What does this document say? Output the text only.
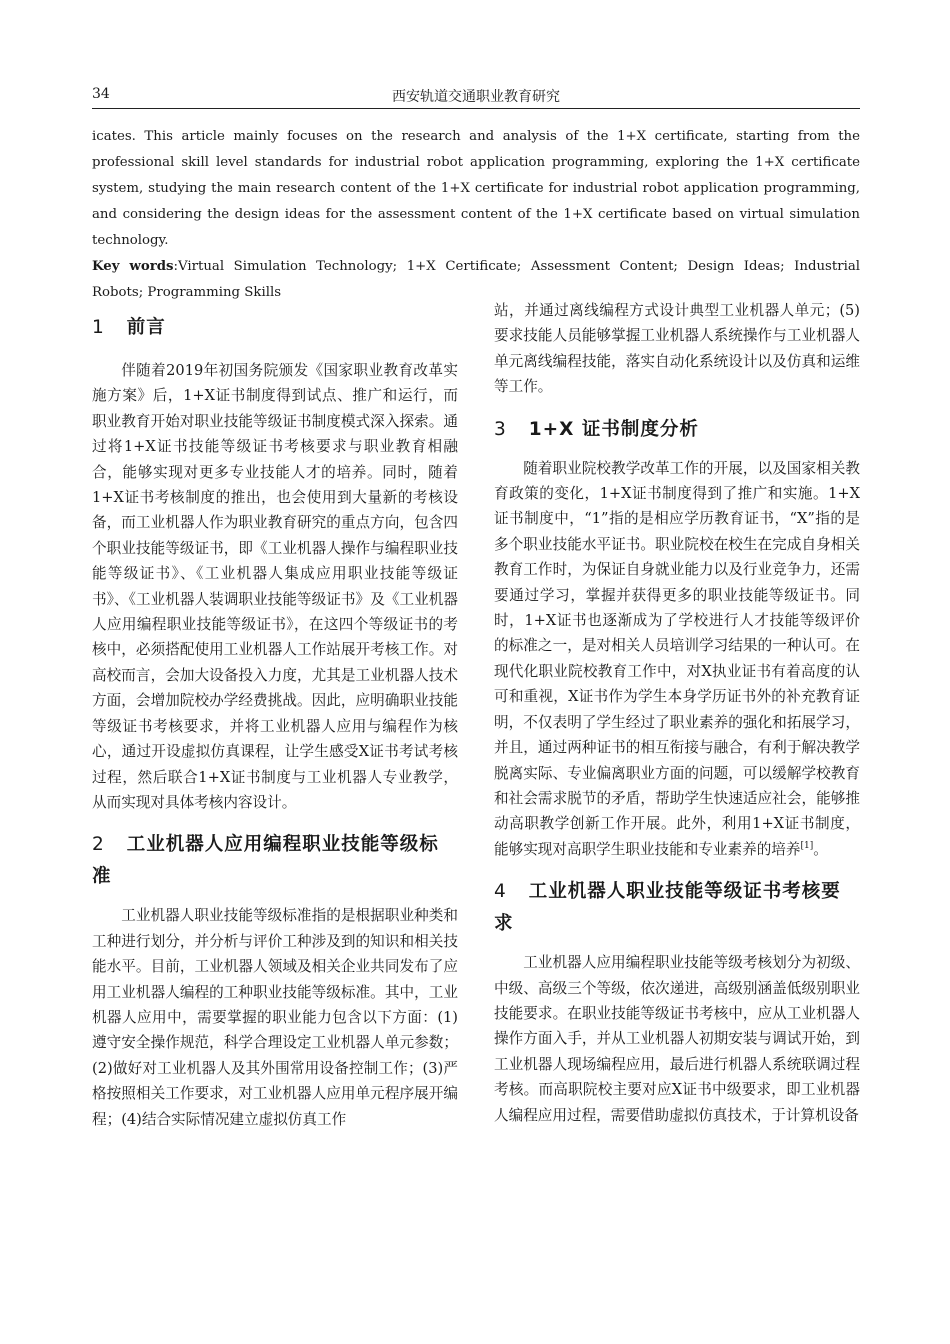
34	西安轨道交通职业教育研究

icates. This article mainly focuses on the research and analysis of the 1+X certificate, starting from the professional skill level standards for industrial robot application programming, exploring the 1+X certificate system, studying the main research content of the 1+X certificate for industrial robot application programming, and considering the design ideas for the assessment content of the 1+X certificate based on virtual simulation technology.

Key words:Virtual Simulation Technology; 1+X Certificate; Assessment Content; Design Ideas; Industrial Robots; Programming Skills

1 前言

伴随着2019年初国务院颁发《国家职业教育改革实施方案》后，1+X证书制度得到试点、推广和运行，而职业教育开始对职业技能等级证书制度模式深入探索。通过将1+X证书技能等级证书考核要求与职业教育相融合，能够实现对更多专业技能人才的培养。同时，随着1+X证书考核制度的推出，也会使用到大量新的考核设备，而工业机器人作为职业教育研究的重点方向，包含四个职业技能等级证书，即《工业机器人操作与编程职业技能等级证书》、《工业机器人集成应用职业技能等级证书》、《工业机器人装调职业技能等级证书》及《工业机器人应用编程职业技能等级证书》，在这四个等级证书的考核中，必须搭配使用工业机器人工作站展开考核工作。对高校而言，会加大设备投入力度，尤其是工业机器人技术方面，会增加院校办学经费挑战。因此，应明确职业技能等级证书考核要求，并将工业机器人应用与编程作为核心，通过开设虚拟仿真课程，让学生感受X证书考试考核过程，然后联合1+X证书制度与工业机器人专业教学，从而实现对具体考核内容设计。

2 工业机器人应用编程职业技能等级标准

工业机器人职业技能等级标准指的是根据职业种类和工种进行划分，并分析与评价工种涉及到的知识和相关技能水平。目前，工业机器人领域及相关企业共同发布了应用工业机器人编程的工种职业技能等级标准。其中，工业机器人应用中，需要掌握的职业能力包含以下方面：(1)遵守安全操作规范，科学合理设定工业机器人单元参数；(2)做好对工业机器人及其外围常用设备控制工作；(3)严格按照相关工作要求，对工业机器人应用单元程序展开编程；(4)结合实际情况建立虚拟仿真工作

站，并通过离线编程方式设计典型工业机器人单元；(5)要求技能人员能够掌握工业机器人系统操作与工业机器人单元离线编程技能，落实自动化系统设计以及仿真和运维等工作。

3 1+X 证书制度分析

随着职业院校教学改革工作的开展，以及国家相关教育政策的变化，1+X证书制度得到了推广和实施。1+X证书制度中，“1”指的是相应学历教育证书，“X”指的是多个职业技能水平证书。职业院校在校生在完成自身相关教育工作时，为保证自身就业能力以及行业竞争力，还需要通过学习，掌握并获得更多的职业技能等级证书。同时，1+X证书也逐渐成为了学校进行人才技能等级评价的标准之一，是对相关人员培训学习结果的一种认可。在现代化职业院校教育工作中，对X执业证书有着高度的认可和重视，X证书作为学生本身学历证书外的补充教育证明，不仅表明了学生经过了职业素养的强化和拓展学习，并且，通过两种证书的相互衔接与融合，有利于解决教学脱离实际、专业偏离职业方面的问题，可以缓解学校教育和社会需求脱节的矛盾，帮助学生快速适应社会，能够推动高职教学创新工作开展。此外，利用1+X证书制度，能够实现对高职学生职业技能和专业素养的培养[1]。

4 工业机器人职业技能等级证书考核要求

工业机器人应用编程职业技能等级考核划分为初级、中级、高级三个等级，依次递进，高级别涵盖低级别职业技能要求。在职业技能等级证书考核中，应从工业机器人操作方面入手，并从工业机器人初期安装与调试开始，到工业机器人现场编程应用，最后进行机器人系统联调过程考核。而高职院校主要对应X证书中级要求，即工业机器人编程应用过程，需要借助虚拟仿真技术，于计算机设备
